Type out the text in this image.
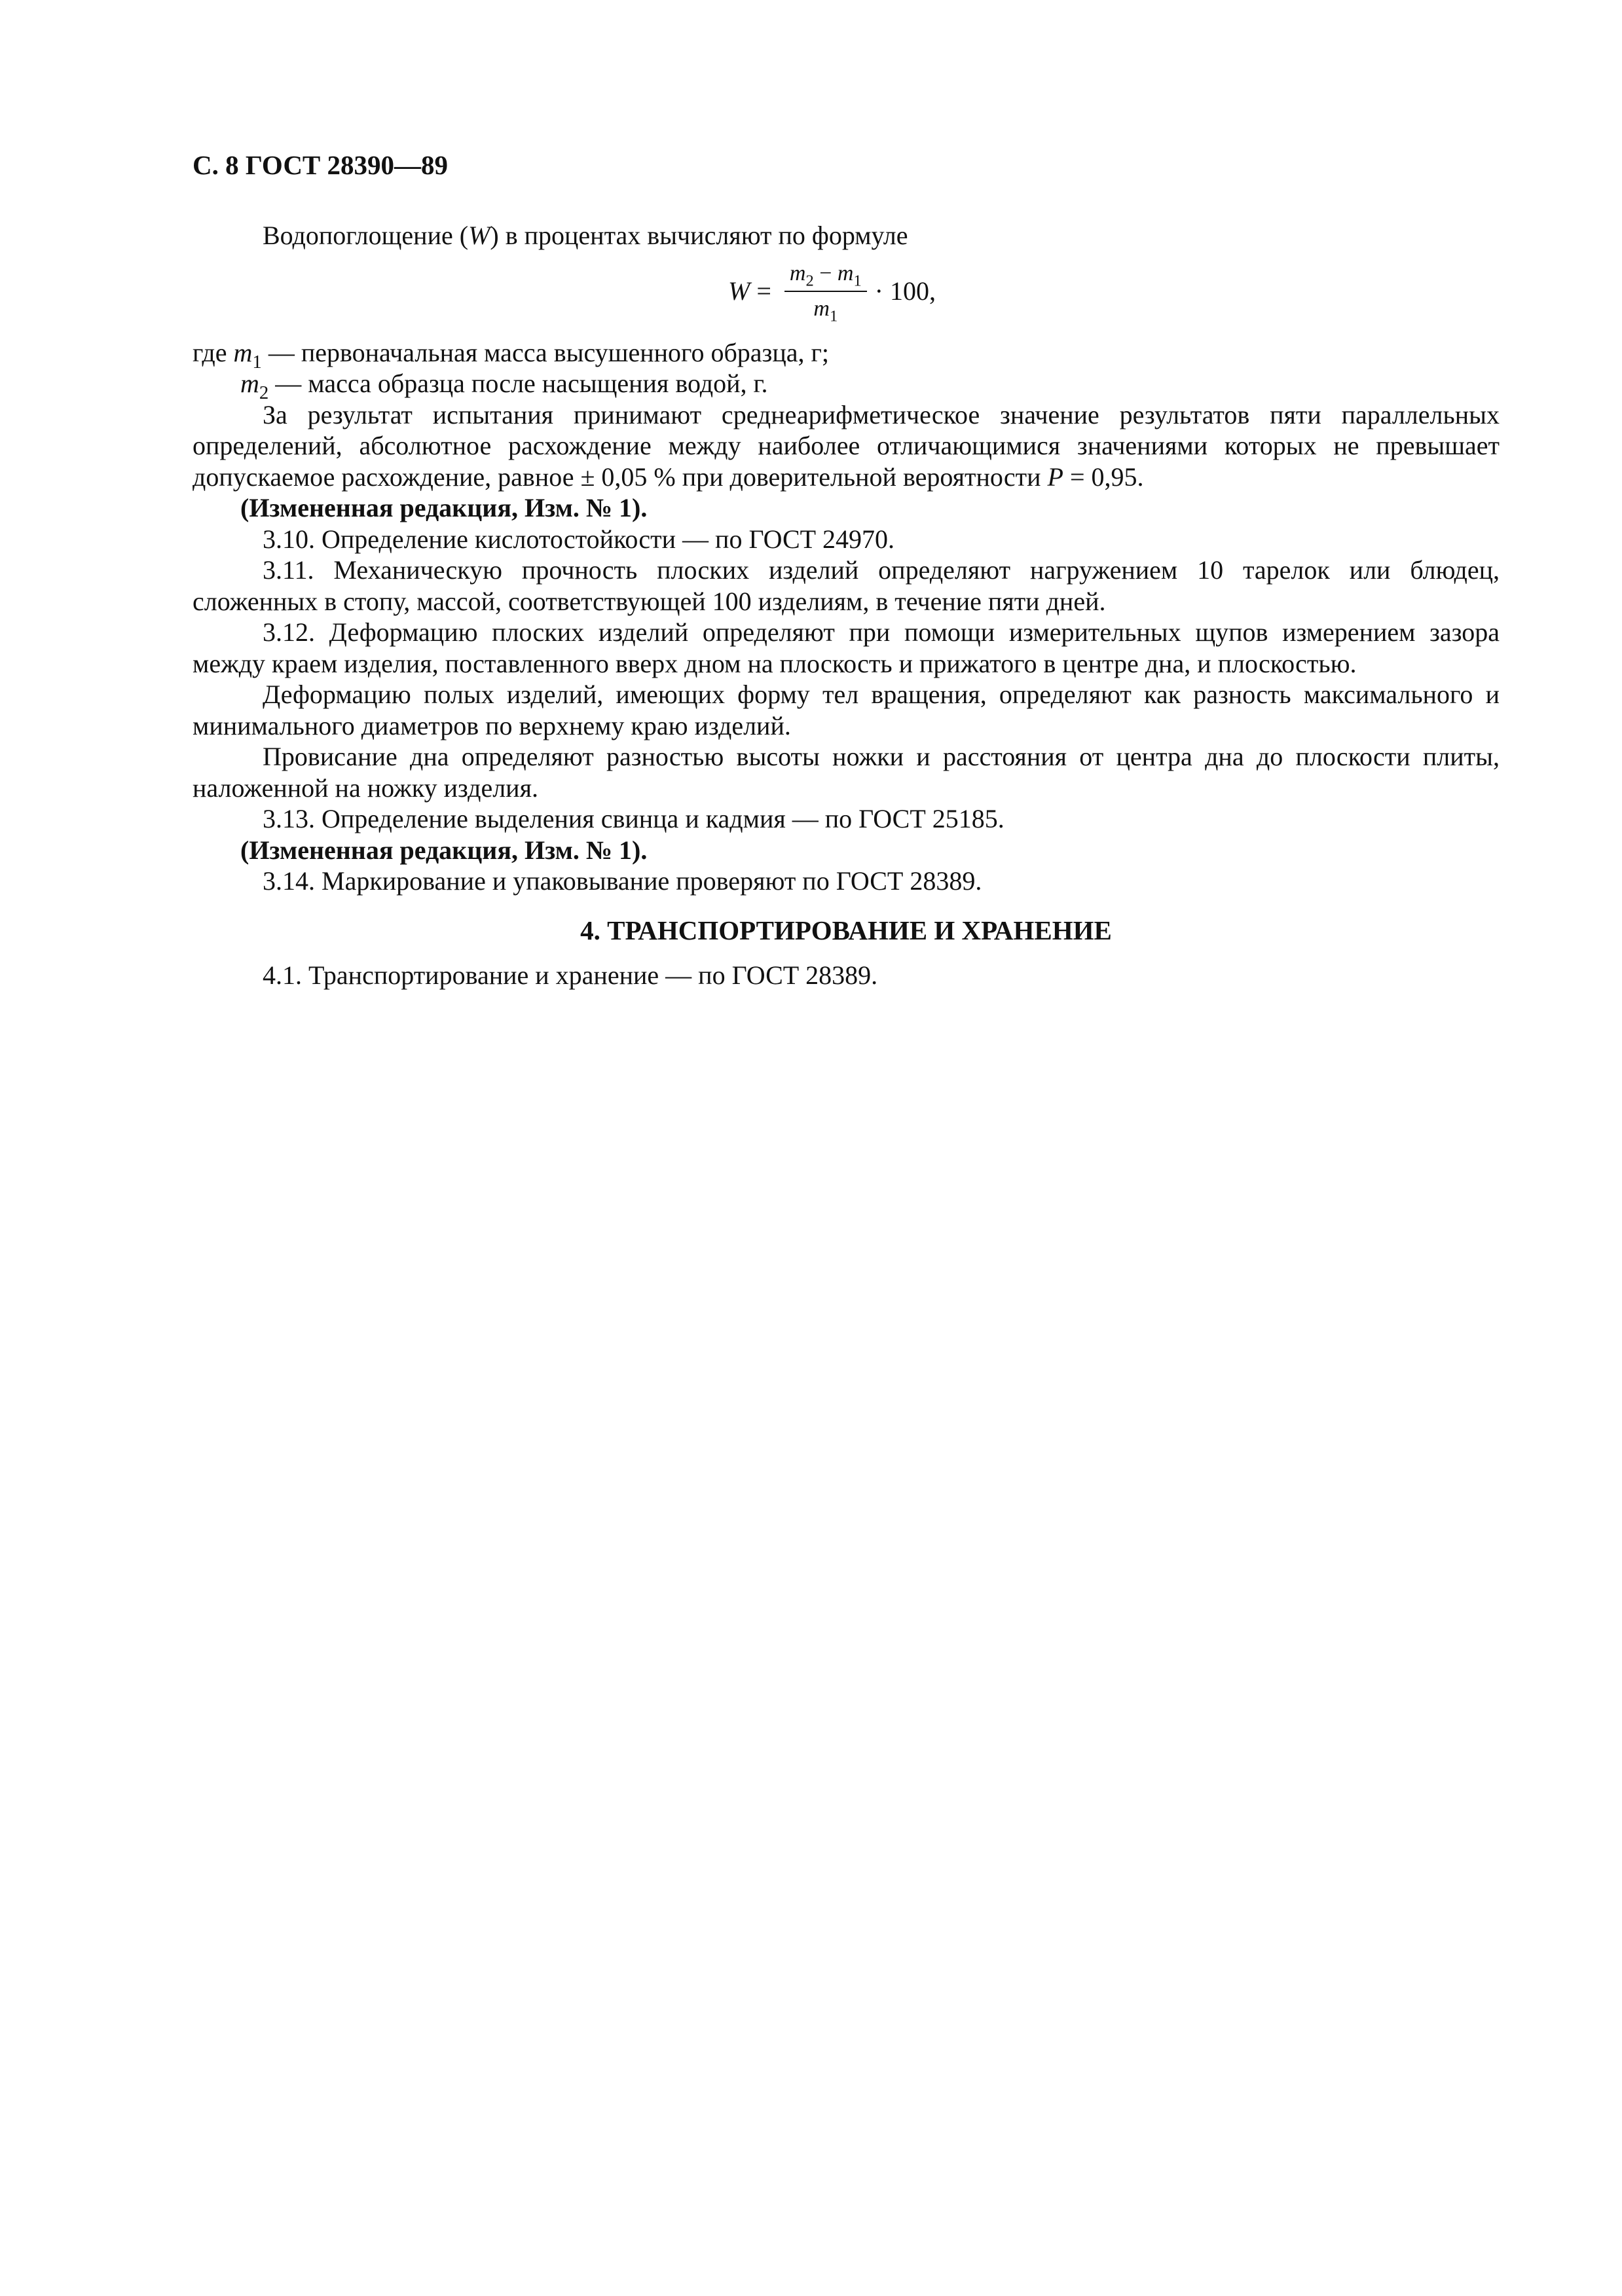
С. 8 ГОСТ 28390—89

Водопоглощение (W) в процентах вычисляют по формуле

$W = \frac{m_2 - m_1}{m_1} \cdot 100$,

где $m_1$ — первоначальная масса высушенного образца, г;

$m_2$ — масса образца после насыщения водой, г.

За результат испытания принимают среднеарифметическое значение результатов пяти параллельных определений, абсолютное расхождение между наиболее отличающимися значениями которых не превышает допускаемое расхождение, равное ± 0,05 % при доверительной вероятности P = 0,95.

(Измененная редакция, Изм. № 1).

3.10. Определение кислотостойкости — по ГОСТ 24970.

3.11. Механическую прочность плоских изделий определяют нагружением 10 тарелок или блюдец, сложенных в стопу, массой, соответствующей 100 изделиям, в течение пяти дней.

3.12. Деформацию плоских изделий определяют при помощи измерительных щупов измерением зазора между краем изделия, поставленного вверх дном на плоскость и прижатого в центре дна, и плоскостью.

Деформацию полых изделий, имеющих форму тел вращения, определяют как разность максимального и минимального диаметров по верхнему краю изделий.

Провисание дна определяют разностью высоты ножки и расстояния от центра дна до плоскости плиты, наложенной на ножку изделия.

3.13. Определение выделения свинца и кадмия — по ГОСТ 25185.

(Измененная редакция, Изм. № 1).

3.14. Маркирование и упаковывание проверяют по ГОСТ 28389.

4. ТРАНСПОРТИРОВАНИЕ И ХРАНЕНИЕ

4.1. Транспортирование и хранение — по ГОСТ 28389.
